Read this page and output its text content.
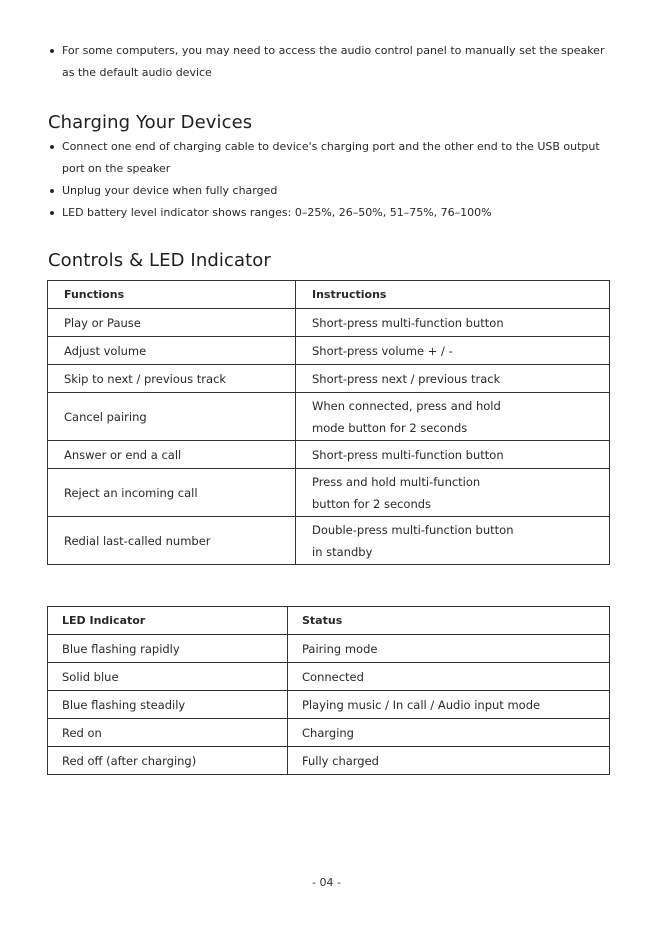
For some computers, you may need to access the audio control panel to manually set the speaker as the default audio device
Charging Your Devices
Connect one end of charging cable to device's charging port and the other end to the USB output port on the speaker
Unplug your device when fully charged
LED battery level indicator shows ranges: 0–25%, 26–50%, 51–75%, 76–100%
Controls & LED Indicator
Functions	Instructions
Play or Pause	Short-press multi-function button
Adjust volume	Short-press volume + / -
Skip to next / previous track	Short-press next / previous track
Cancel pairing	When connected, press and hold
mode button for 2 seconds

Answer or end a call	Short-press multi-function button
Reject an incoming call	Press and hold multi-function
button for 2 seconds

Redial last-called number	Double-press multi-function button
in standby
LED Indicator	Status
Blue flashing rapidly	Pairing mode
Solid blue	Connected
Blue flashing steadily	Playing music / In call / Audio input mode
Red on	Charging
Red off (after charging)	Fully charged
- 04 -
